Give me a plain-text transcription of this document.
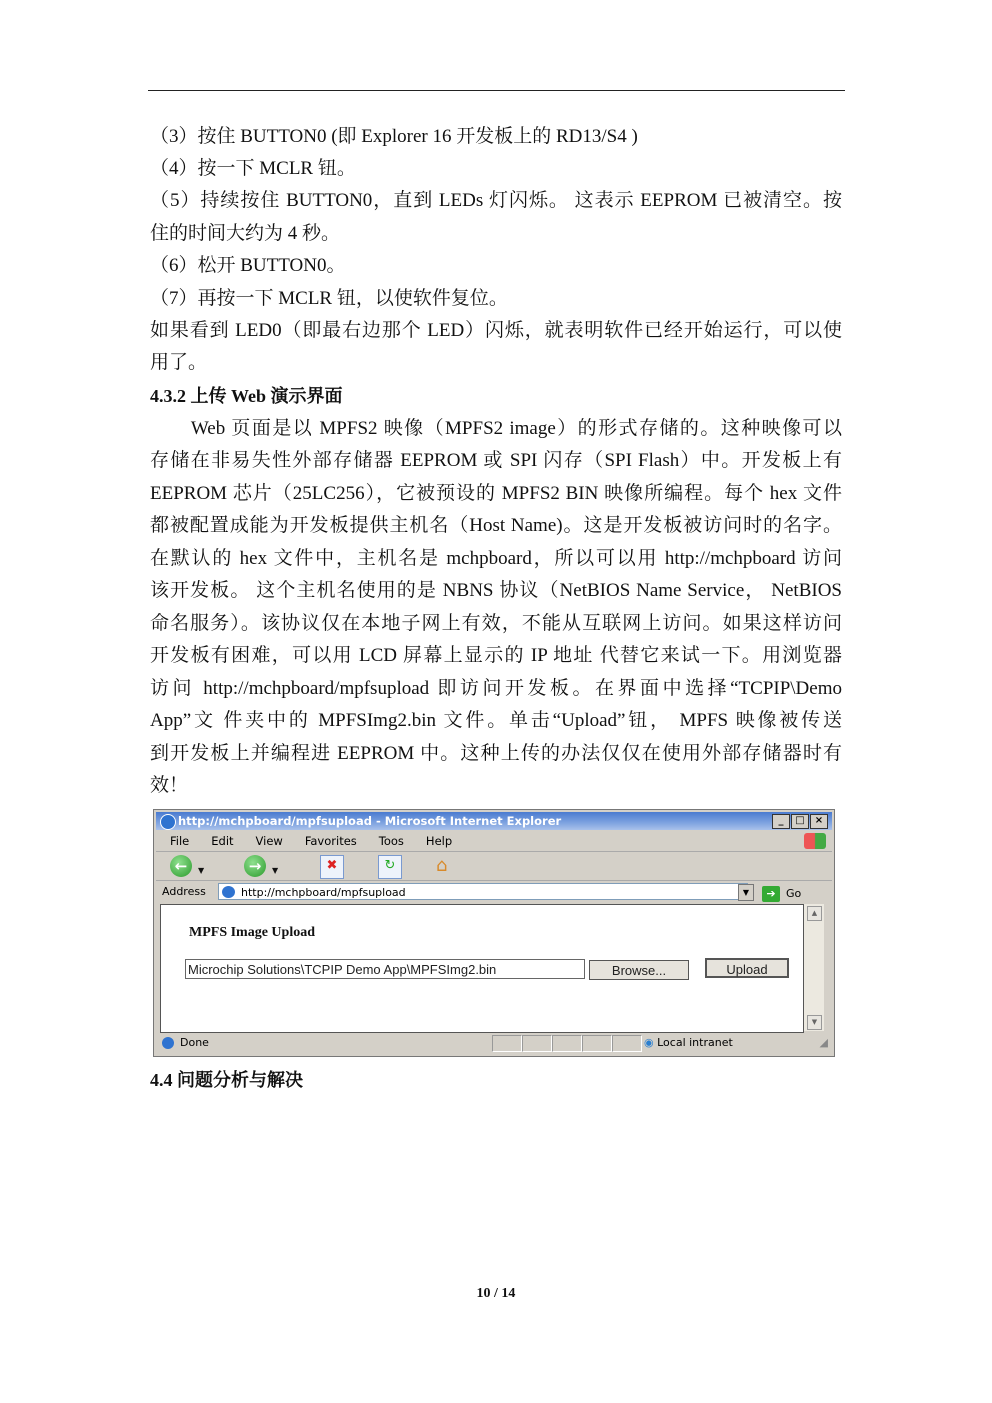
（3）按住 BUTTON0 (即 Explorer 16 开发板上的 RD13/S4 )
（4）按一下 MCLR 钮。
（5）持续按住 BUTTON0，直到 LEDs 灯闪烁。 这表示 EEPROM 已被清空。按
住的时间大约为 4 秒。
（6）松开 BUTTON0。
（7）再按一下 MCLR 钮，以使软件复位。
如果看到 LED0（即最右边那个 LED）闪烁，就表明软件已经开始运行，可以使
用了。
4.3.2 上传 Web 演示界面
　　Web 页面是以 MPFS2 映像（MPFS2 image）的形式存储的。这种映像可以
存储在非易失性外部存储器 EEPROM 或 SPI 闪存（SPI Flash）中。开发板上有
EEPROM 芯片（25LC256），它被预设的 MPFS2 BIN 映像所编程。每个 hex 文件
都被配置成能为开发板提供主机名（Host Name)。这是开发板被访问时的名字。
在默认的 hex 文件中，主机名是 mchpboard，所以可以用 http://mchpboard 访问
该开发板。 这个主机名使用的是 NBNS 协议（NetBIOS Name Service， NetBIOS
命名服务）。该协议仅在本地子网上有效，不能从互联网上访问。如果这样访问
开发板有困难，可以用 LCD 屏幕上显示的 IP 地址 代替它来试一下。用浏览器
访问 http://mchpboard/mpfsupload 即访问开发板。在界面中选择“TCPIP\Demo
App”文 件夹中的 MPFSImg2.bin 文件。单击“Upload”钮， MPFS 映像被传送
到开发板上并编程进 EEPROM 中。这种上传的办法仅仅在使用外部存储器时有
效！
http://mchpboard/mpfsupload - Microsoft Internet Explorer	_	□	×
File Edit View Favorites Toos Help
←	▼	→	▼	✖	↻	⌂
Address	http://mchpboard/mpfsupload	▼	➔ Go
MPFS Image Upload
Microchip Solutions\TCPIP Demo App\MPFSImg2.bin	Browse...	Upload
▲
▼
Done	◉ Local intranet	◢
4.4 问题分析与解决
10 / 14
